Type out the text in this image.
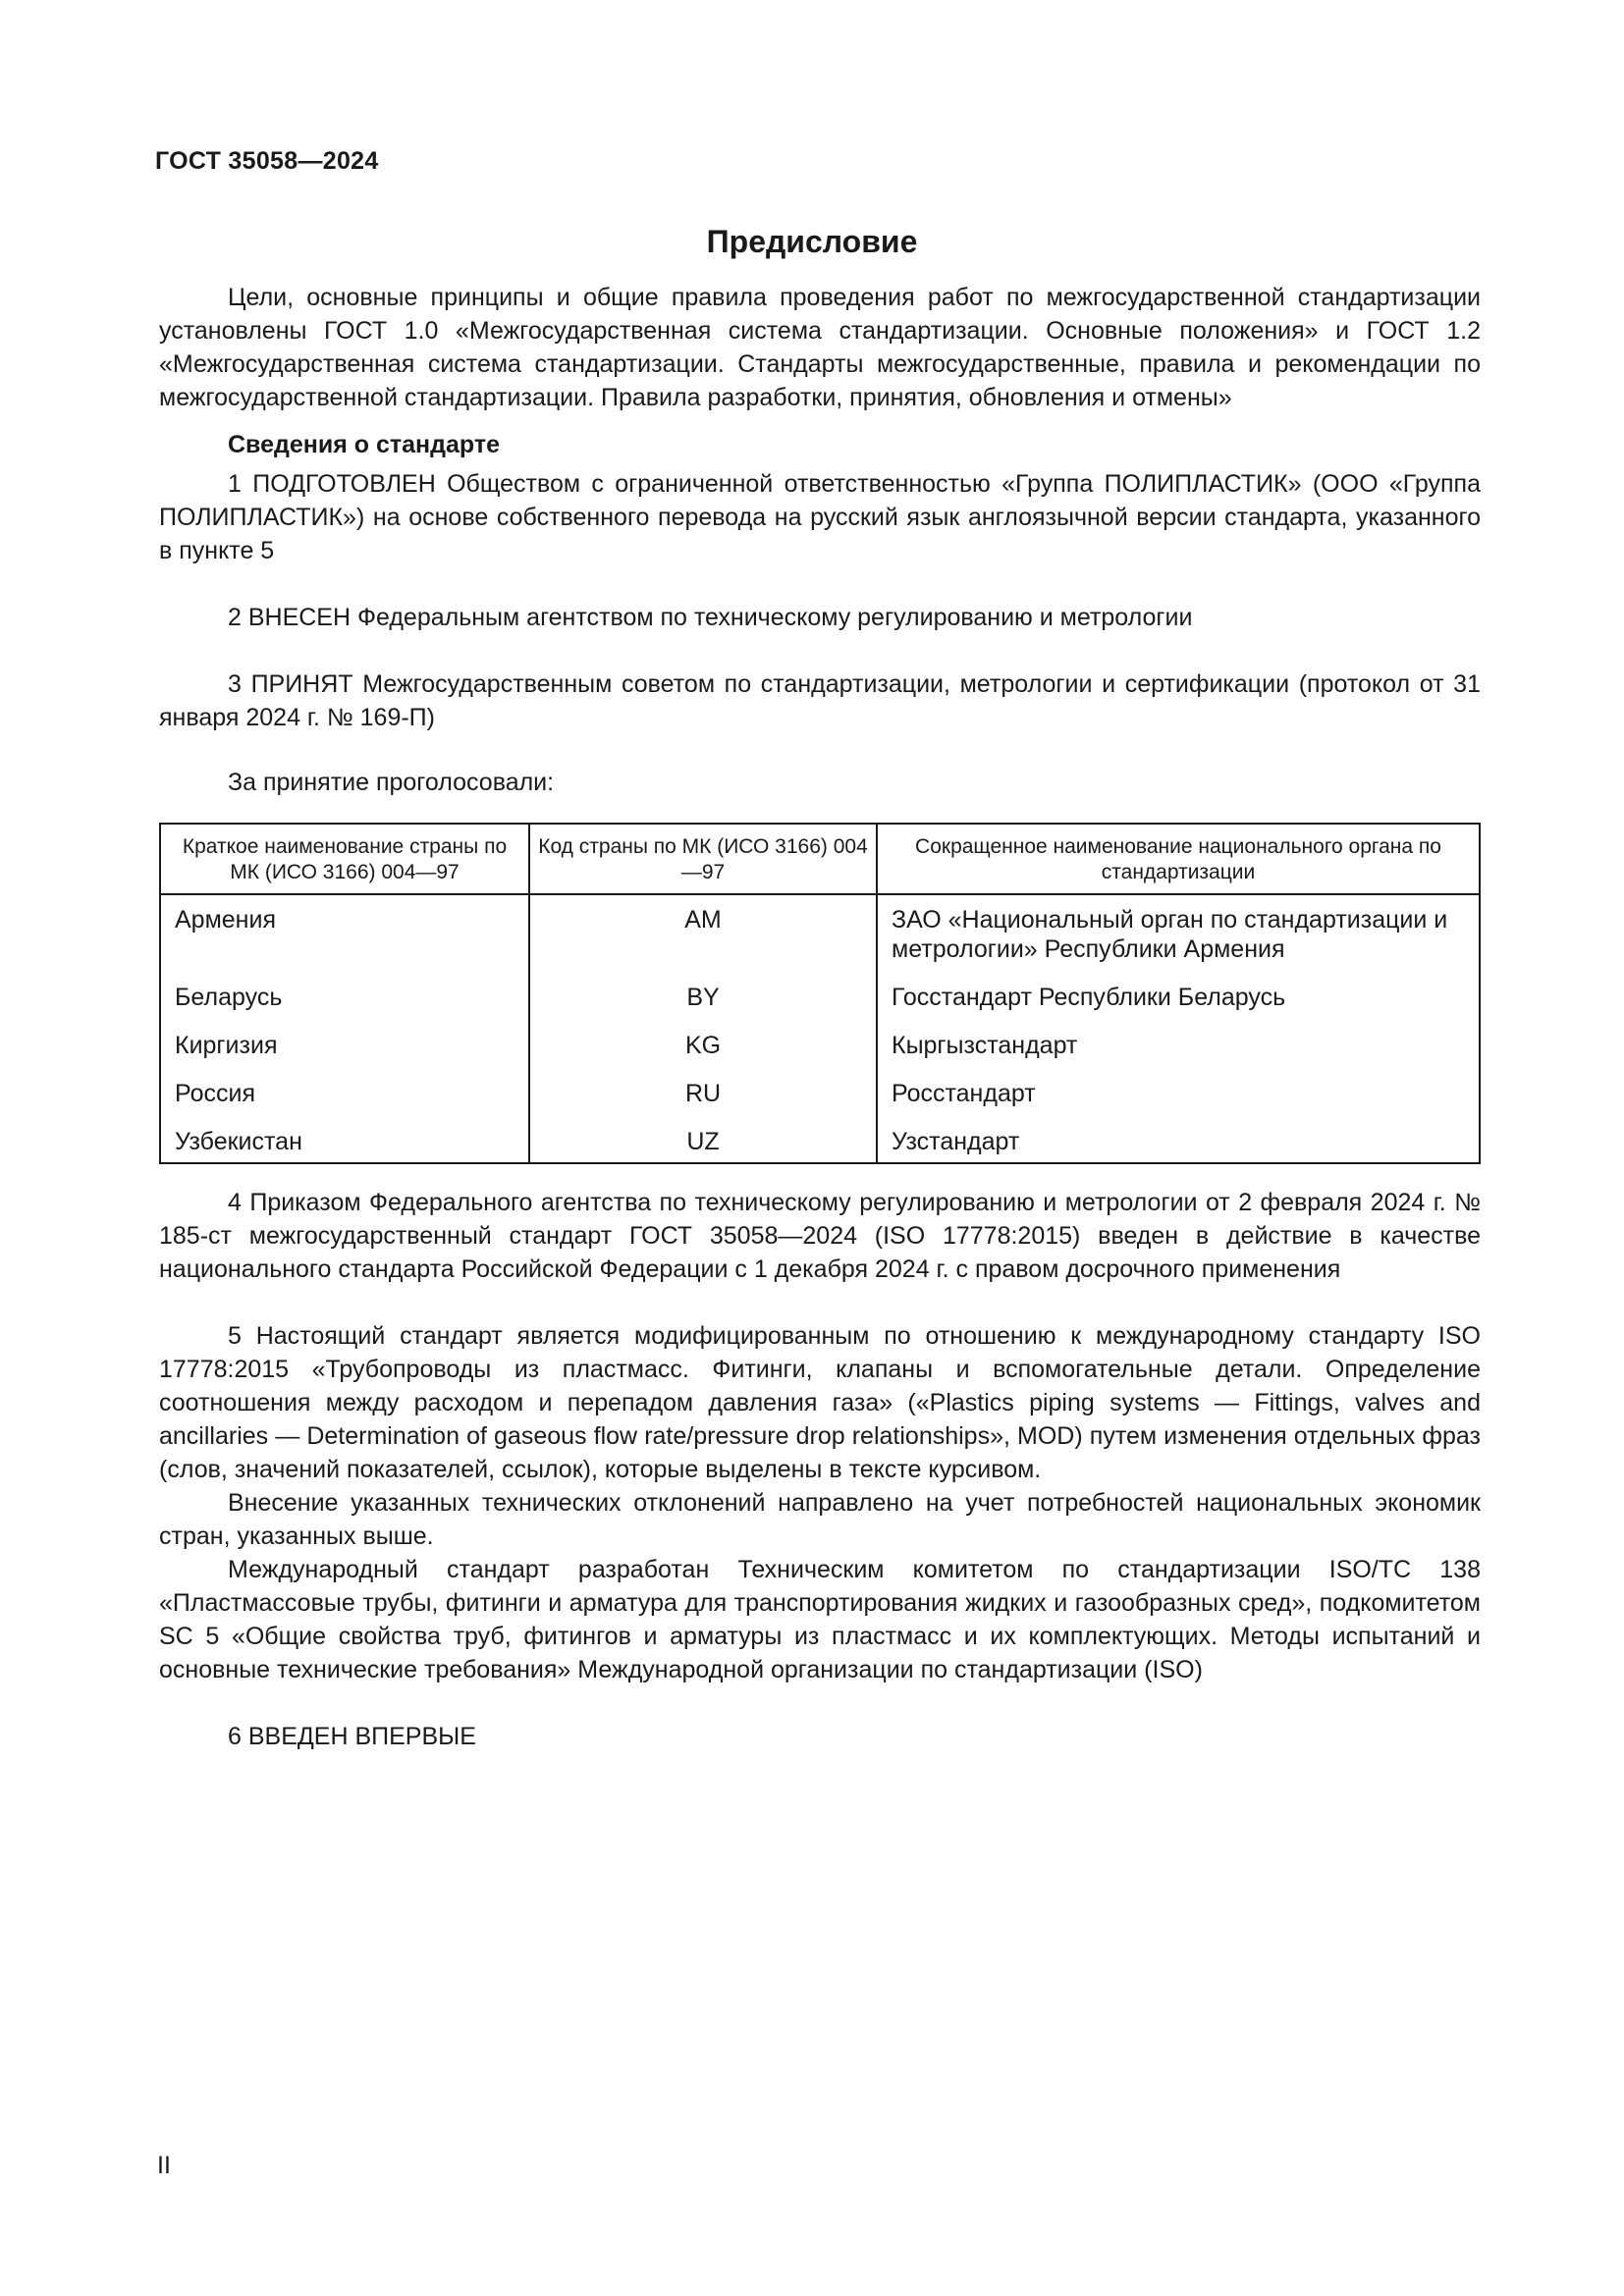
ГОСТ 35058—2024
Предисловие

Цели, основные принципы и общие правила проведения работ по межгосударственной стандартизации установлены ГОСТ 1.0 «Межгосударственная система стандартизации. Основные положения» и ГОСТ 1.2 «Межгосударственная система стандартизации. Стандарты межгосударственные, правила и рекомендации по межгосударственной стандартизации. Правила разработки, принятия, обновления и отмены»

Сведения о стандарте

1 ПОДГОТОВЛЕН Обществом с ограниченной ответственностью «Группа ПОЛИПЛАСТИК» (ООО «Группа ПОЛИПЛАСТИК») на основе собственного перевода на русский язык англоязычной версии стандарта, указанного в пункте 5

2 ВНЕСЕН Федеральным агентством по техническому регулированию и метрологии

3 ПРИНЯТ Межгосударственным советом по стандартизации, метрологии и сертификации (протокол от 31 января 2024 г. № 169-П)

За принятие проголосовали:

Краткое наименование страны по МК (ИСО 3166) 004—97	Код страны по МК (ИСО 3166) 004—97	Сокращенное наименование национального органа по стандартизации
Армения	AM	ЗАО «Национальный орган по стандартизации и метрологии» Республики Армения
Беларусь	BY	Госстандарт Республики Беларусь
Киргизия	KG	Кыргызстандарт
Россия	RU	Росстандарт
Узбекистан	UZ	Узстандарт

4 Приказом Федерального агентства по техническому регулированию и метрологии от 2 февраля 2024 г. № 185-ст межгосударственный стандарт ГОСТ 35058—2024 (ISO 17778:2015) введен в действие в качестве национального стандарта Российской Федерации с 1 декабря 2024 г. с правом досрочного применения

5 Настоящий стандарт является модифицированным по отношению к международному стандарту ISO 17778:2015 «Трубопроводы из пластмасс. Фитинги, клапаны и вспомогательные детали. Определение соотношения между расходом и перепадом давления газа» («Plastics piping systems — Fittings, valves and ancillaries — Determination of gaseous flow rate/pressure drop relationships», MOD) путем изменения отдельных фраз (слов, значений показателей, ссылок), которые выделены в тексте курсивом.

Внесение указанных технических отклонений направлено на учет потребностей национальных экономик стран, указанных выше.

Международный стандарт разработан Техническим комитетом по стандартизации ISO/TC 138 «Пластмассовые трубы, фитинги и арматура для транспортирования жидких и газообразных сред», подкомитетом SC 5 «Общие свойства труб, фитингов и арматуры из пластмасс и их комплектующих. Методы испытаний и основные технические требования» Международной организации по стандартизации (ISO)

6 ВВЕДЕН ВПЕРВЫЕ

II
